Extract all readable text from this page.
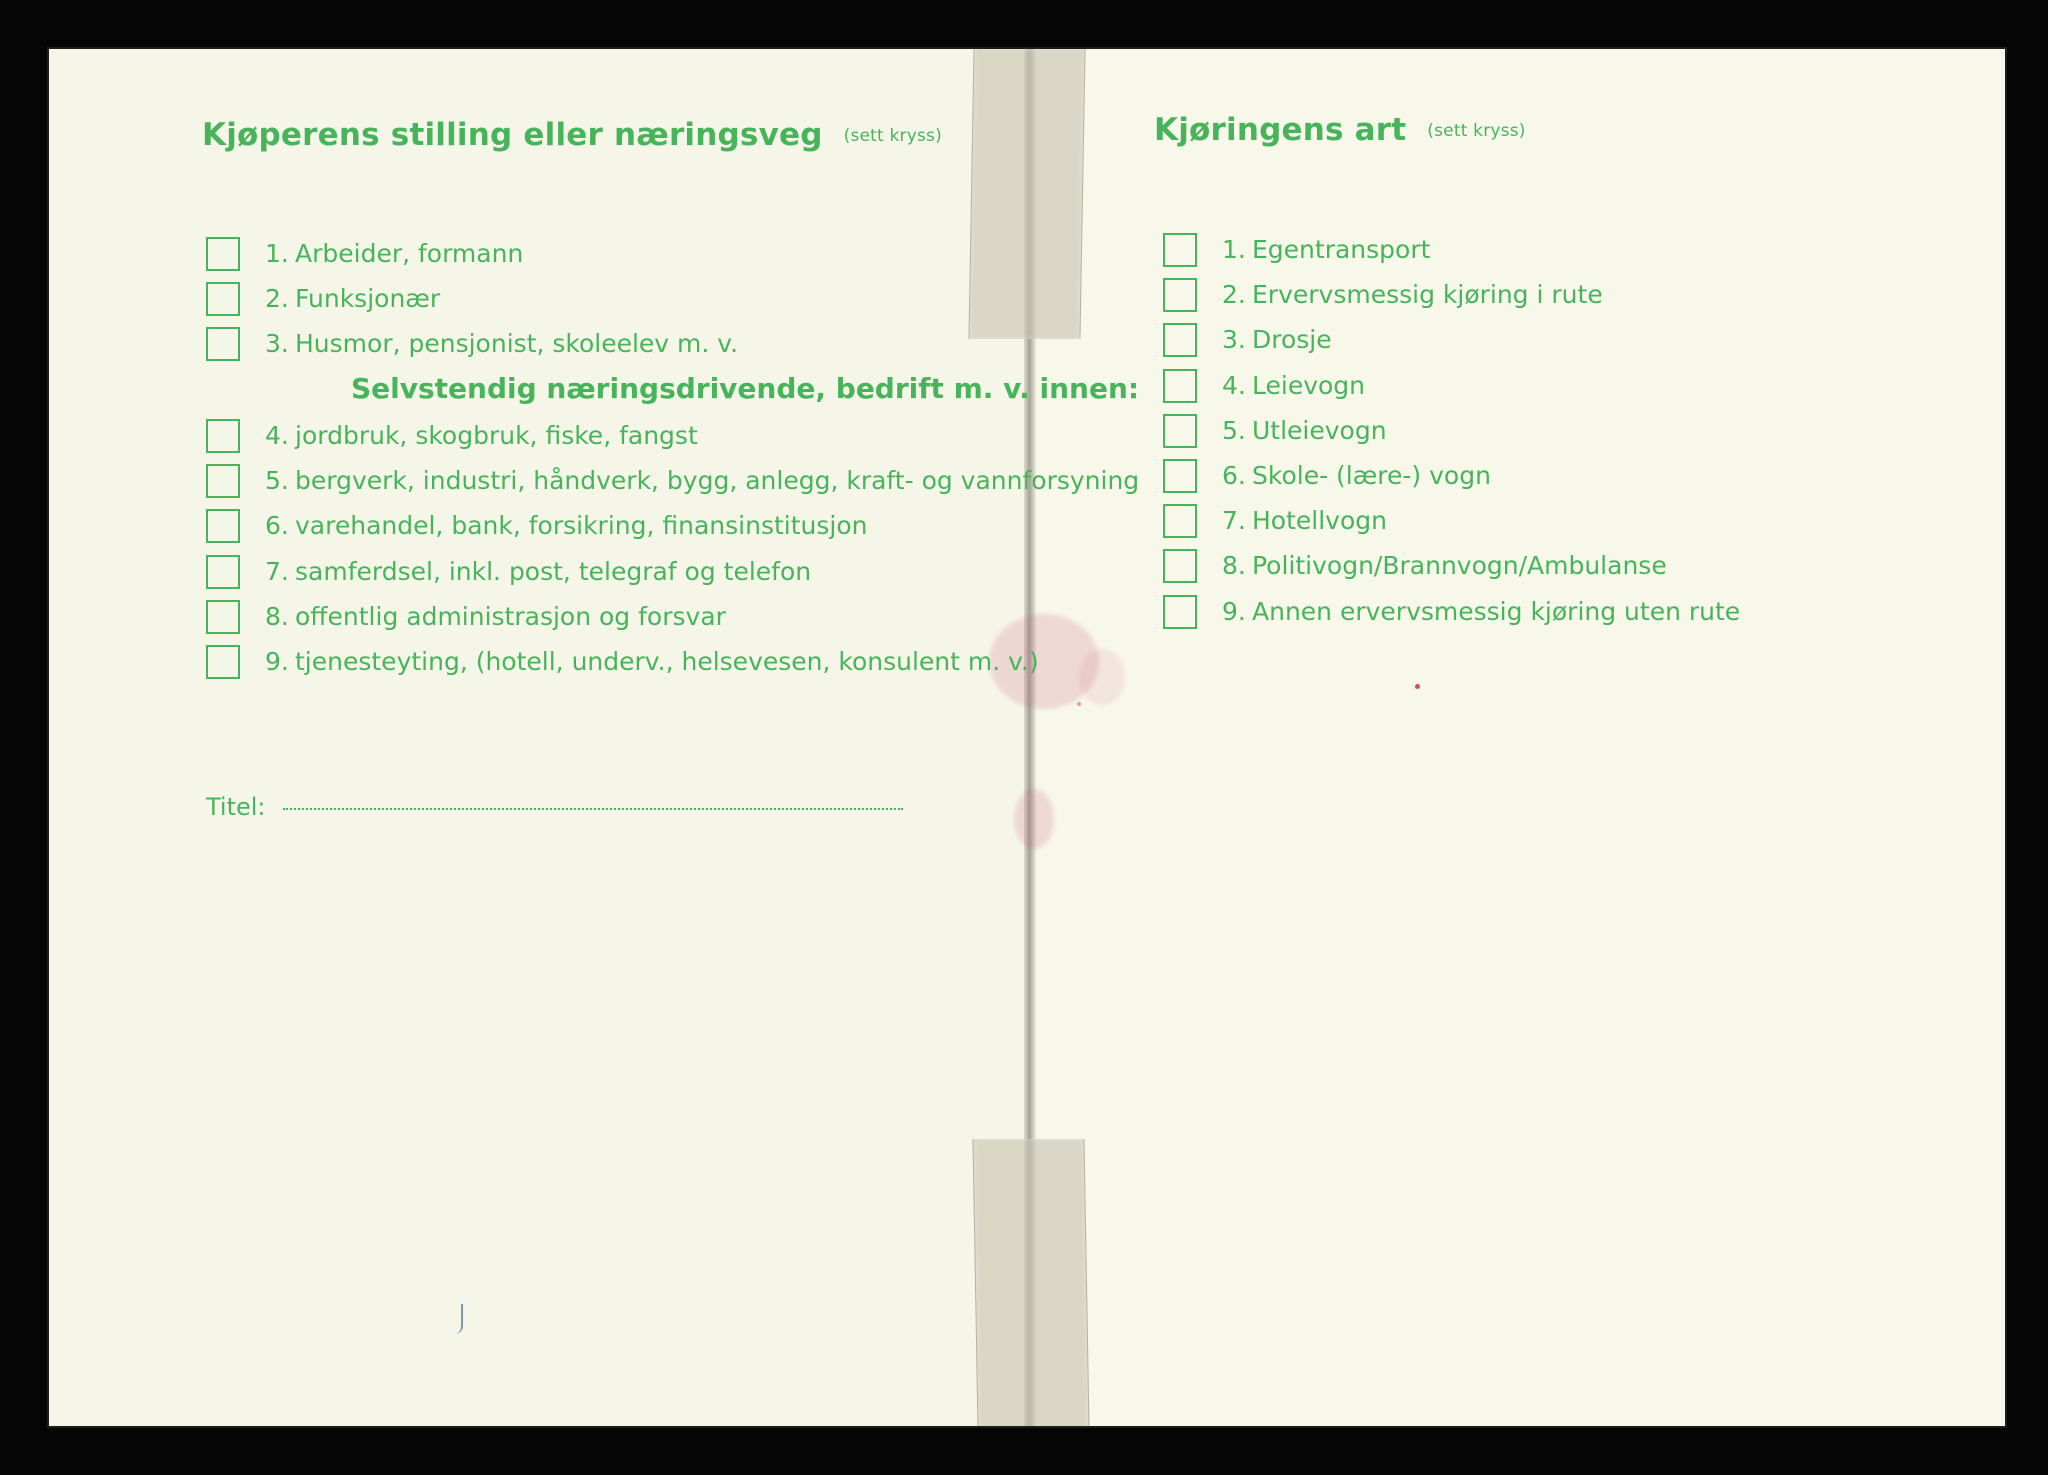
Kjøperens stilling eller næringsveg (sett kryss)
1. Arbeider, formann
2. Funksjonær
3. Husmor, pensjonist, skoleelev m. v.
Selvstendig næringsdrivende, bedrift m. v. innen:
4. jordbruk, skogbruk, fiske, fangst
5. bergverk, industri, håndverk, bygg, anlegg, kraft- og vannforsyning
6. varehandel, bank, forsikring, finansinstitusjon
7. samferdsel, inkl. post, telegraf og telefon
8. offentlig administrasjon og forsvar
9. tjenesteyting, (hotell, underv., helsevesen, konsulent m. v.)
Titel:
Kjøringens art (sett kryss)
1. Egentransport
2. Ervervsmessig kjøring i rute
3. Drosje
4. Leievogn
5. Utleievogn
6. Skole- (lære-) vogn
7. Hotellvogn
8. Politivogn/Brannvogn/Ambulanse
9. Annen ervervsmessig kjøring uten rute
